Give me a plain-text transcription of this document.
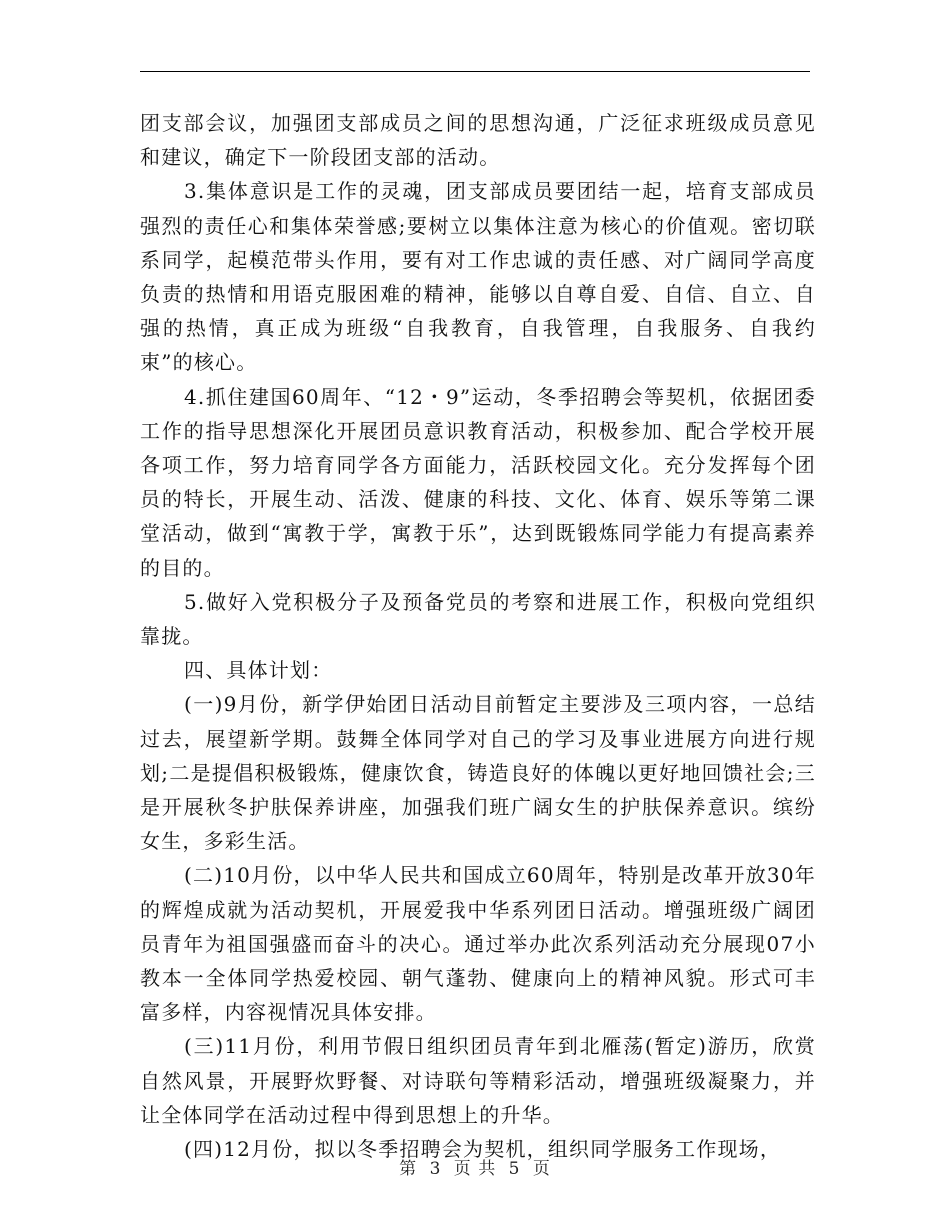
团支部会议，加强团支部成员之间的思想沟通，广泛征求班级成员意见和建议，确定下一阶段团支部的活动。

3.集体意识是工作的灵魂，团支部成员要团结一起，培育支部成员强烈的责任心和集体荣誉感;要树立以集体注意为核心的价值观。密切联系同学，起模范带头作用，要有对工作忠诚的责任感、对广阔同学高度负责的热情和用语克服困难的精神，能够以自尊自爱、自信、自立、自强的热情，真正成为班级“自我教育，自我管理，自我服务、自我约束”的核心。

4.抓住建国60周年、“12・9”运动，冬季招聘会等契机，依据团委工作的指导思想深化开展团员意识教育活动，积极参加、配合学校开展各项工作，努力培育同学各方面能力，活跃校园文化。充分发挥每个团员的特长，开展生动、活泼、健康的科技、文化、体育、娱乐等第二课堂活动，做到“寓教于学，寓教于乐”，达到既锻炼同学能力有提高素养的目的。

5.做好入党积极分子及预备党员的考察和进展工作，积极向党组织靠拢。

四、具体计划：

(一)9月份，新学伊始团日活动目前暂定主要涉及三项内容，一总结过去，展望新学期。鼓舞全体同学对自己的学习及事业进展方向进行规划;二是提倡积极锻炼，健康饮食，铸造良好的体魄以更好地回馈社会;三是开展秋冬护肤保养讲座，加强我们班广阔女生的护肤保养意识。缤纷女生，多彩生活。

(二)10月份，以中华人民共和国成立60周年，特别是改革开放30年的辉煌成就为活动契机，开展爱我中华系列团日活动。增强班级广阔团员青年为祖国强盛而奋斗的决心。通过举办此次系列活动充分展现07小教本一全体同学热爱校园、朝气蓬勃、健康向上的精神风貌。形式可丰富多样，内容视情况具体安排。

(三)11月份，利用节假日组织团员青年到北雁荡(暂定)游历，欣赏自然风景，开展野炊野餐、对诗联句等精彩活动，增强班级凝聚力，并让全体同学在活动过程中得到思想上的升华。

(四)12月份，拟以冬季招聘会为契机，组织同学服务工作现场，

第 3 页 共 5 页
